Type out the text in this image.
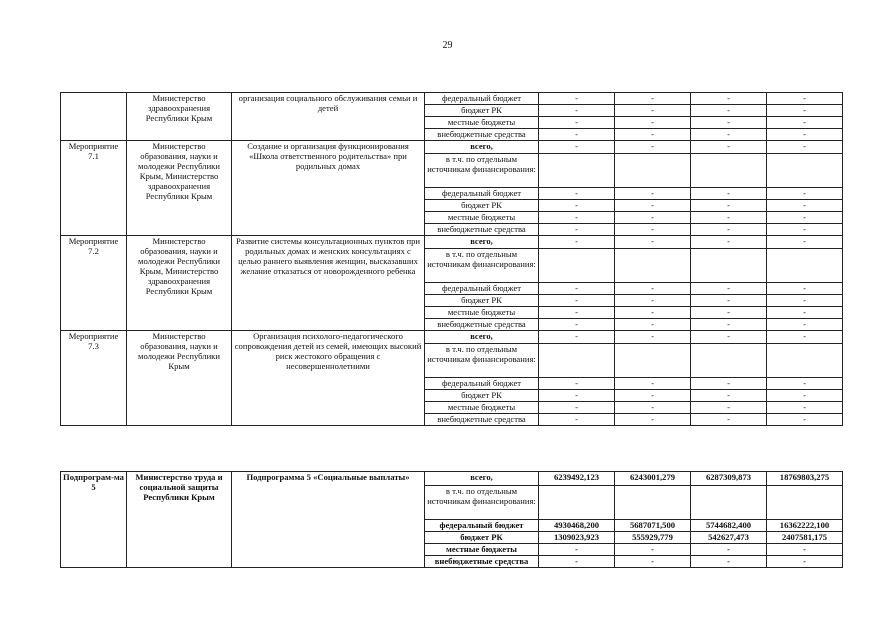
29
	Министерство здравоохранения Республики Крым	организация социального обслуживания семьи и детей	федеральный бюджет	-	-	-	-
			бюджет РК	-	-	-	-
			местные бюджеты	-	-	-	-
			внебюджетные средства	-	-	-	-
Мероприятие 7.1	Министерство образования, науки и молодежи Республики Крым, Министерство здравоохранения Республики Крым	Создание и организация функционирования «Школа ответственного родительства» при родильных домах	всего,	-	-	-	-
			в т.ч. по отдельным источникам финансирования:				
			федеральный бюджет	-	-	-	-
			бюджет РК	-	-	-	-
			местные бюджеты	-	-	-	-
			внебюджетные средства	-	-	-	-
Мероприятие 7.2	Министерство образования, науки и молодежи Республики Крым, Министерство здравоохранения Республики Крым	Развитие системы консультационных пунктов при родильных домах и женских консультациях с целью раннего выявления женщин, высказавших желание отказаться от новорожденного ребенка	всего,	-	-	-	-
			в т.ч. по отдельным источникам финансирования:				
			федеральный бюджет	-	-	-	-
			бюджет РК	-	-	-	-
			местные бюджеты	-	-	-	-
			внебюджетные средства	-	-	-	-
Мероприятие 7.3	Министерство образования, науки и молодежи Республики Крым	Организация психолого-педагогического сопровождения детей из семей, имеющих высокий риск жестокого обращения с несовершеннолетними	всего,	-	-	-	-
			в т.ч. по отдельным источникам финансирования:				
			федеральный бюджет	-	-	-	-
			бюджет РК	-	-	-	-
			местные бюджеты	-	-	-	-
			внебюджетные средства	-	-	-	-
Подпрограм-ма 5	Министерство труда и социальной защиты Республики Крым	Подпрограмма 5 «Социальные выплаты»	всего,	6239492,123	6243001,279	6287309,873	18769803,275
			в т.ч. по отдельным источникам финансирования:				
			федеральный бюджет	4930468,200	5687071,500	5744682,400	16362222,100
			бюджет РК	1309023,923	555929,779	542627,473	2407581,175
			местные бюджеты	-	-	-	-
			внебюджетные средства	-	-	-	-
